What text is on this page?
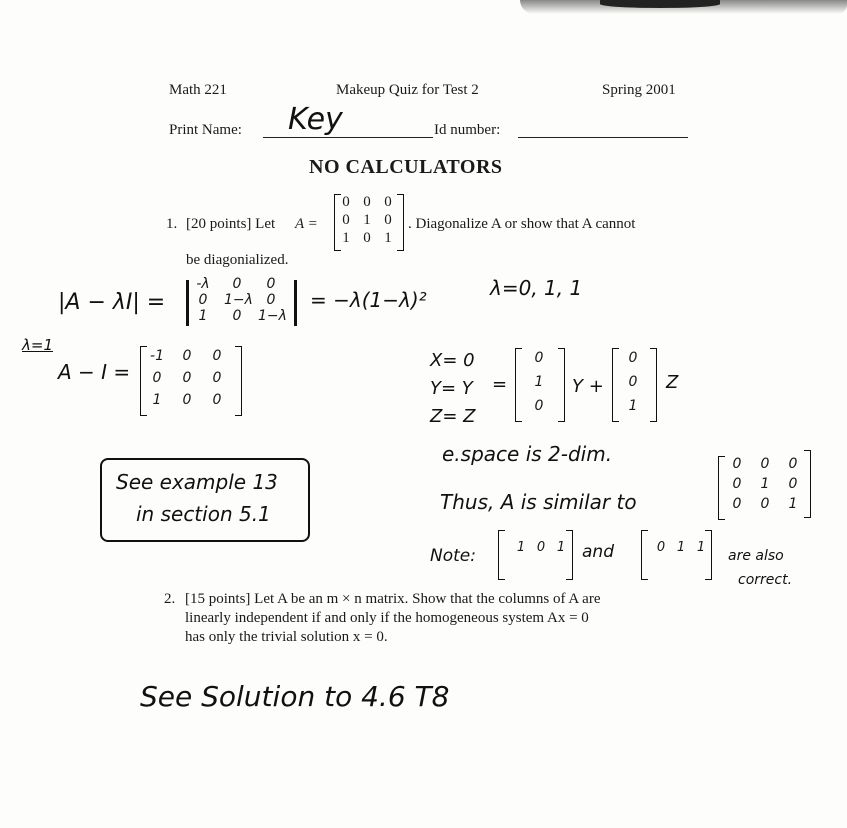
Math 221	Makeup Quiz for Test 2	Spring 2001
Print Name: Key	Id number:
NO CALCULATORS
1. [20 points] Let A =
0 0 0
0 1 0
1 0 1
. Diagonalize A or show that A cannot
be diagonialized.
|A − λI| =
-λ	0	0
0	1−λ 0
1	0	1−λ
= −λ(1−λ)²	λ=0, 1, 1
λ=1
A − I =
-1	0	0
0	0	0
1	0	0
X= 0
Y= Y
Z= Z
=
0
1
0
Y +
0
0
1
Z
e.space is 2-dim.
Thus, A is similar to
0	0	0
0	1	0
0	0	1
Note:	1 0 1 and	0 1 1
are also
correct.
See example 13
in section 5.1
2. [15 points] Let A be an m × n matrix. Show that the columns of A are
linearly independent if and only if the homogeneous system Ax = 0
has only the trivial solution x = 0.
See Solution to 4.6 T8
